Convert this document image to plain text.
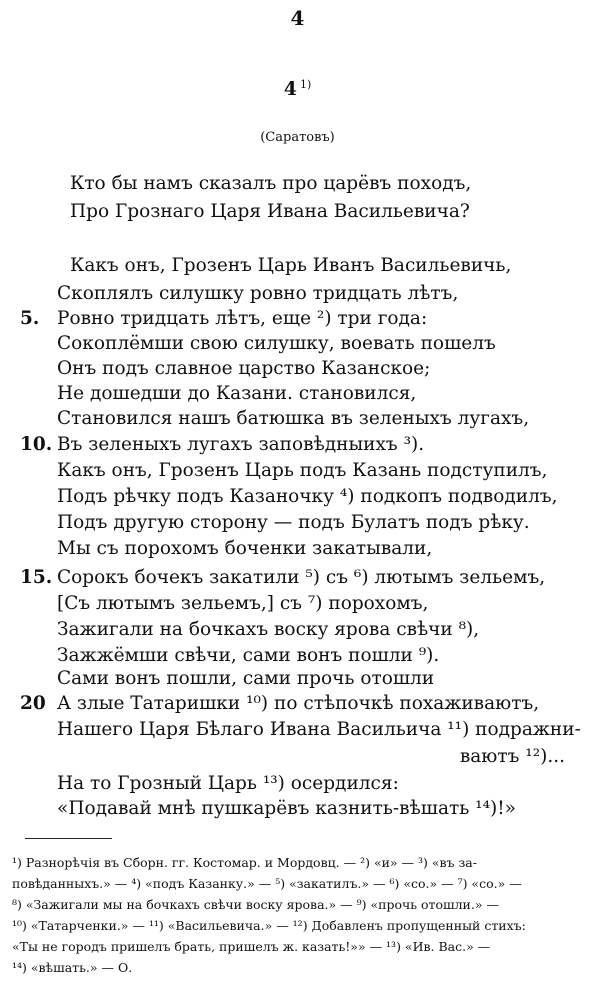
4
4 $^{1)}$
(Саратовъ)
Кто бы намъ сказалъ про царёвъ походъ,
Про Грознаго Царя Ивана Васильевича?
Какъ онъ, Грозенъ Царь Иванъ Васильевичь,
Скоплялъ силушку ровно тридцать лѣтъ,
5. Ровно тридцать лѣтъ, еще ²) три года:
Сокоплёмши свою силушку, воевать пошелъ
Онъ подъ славное царство Казанское;
Не дошедши до Казани. становился,
Становился нашъ батюшка въ зеленыхъ лугахъ,
10. Въ зеленыхъ лугахъ заповѣдныихъ ³).
Какъ онъ, Грозенъ Царь подъ Казань подступилъ,
Подъ рѣчку подъ Казаночку ⁴) подкопъ подводилъ,
Подъ другую сторону — подъ Булатъ подъ рѣку.
Мы съ порохомъ боченки закатывали,
15. Сорокъ бочекъ закатили ⁵) съ ⁶) лютымъ зельемъ,
[Съ лютымъ зельемъ,] съ ⁷) порохомъ,
Зажигали на бочкахъ воску ярова свѣчи ⁸),
Зажжёмши свѣчи, сами вонъ пошли ⁹).
Сами вонъ пошли, сами прочь отошли
20 А злые Татаришки ¹⁰) по стѣпочкѣ похаживаютъ,
Нашего Царя Бѣлаго Ивана Васильича ¹¹) подражни-
ваютъ ¹²)...
На то Грозный Царь ¹³) осердился:
«Подавай мнѣ пушкарёвъ казнить-вѣшать ¹⁴)!»
¹) Разнорѣчія въ Сборн. гг. Костомар. и Мордовц. — ²) «и» — ³) «въ за-
повѣданныхъ.» — ⁴) «подъ Казанку.» — ⁵) «закатилъ.» — ⁶) «со.» — ⁷) «со.» —
⁸) «Зажигали мы на бочкахъ свѣчи воску ярова.» — ⁹) «прочь отошли.» —
¹⁰) «Татарченки.» — ¹¹) «Васильевича.» — ¹²) Добавленъ пропущенный стихъ:
«Ты не городъ пришелъ брать, пришелъ ж. казать!»» — ¹³) «Ив. Вас.» —
¹⁴) «вѣшать.» — О.
